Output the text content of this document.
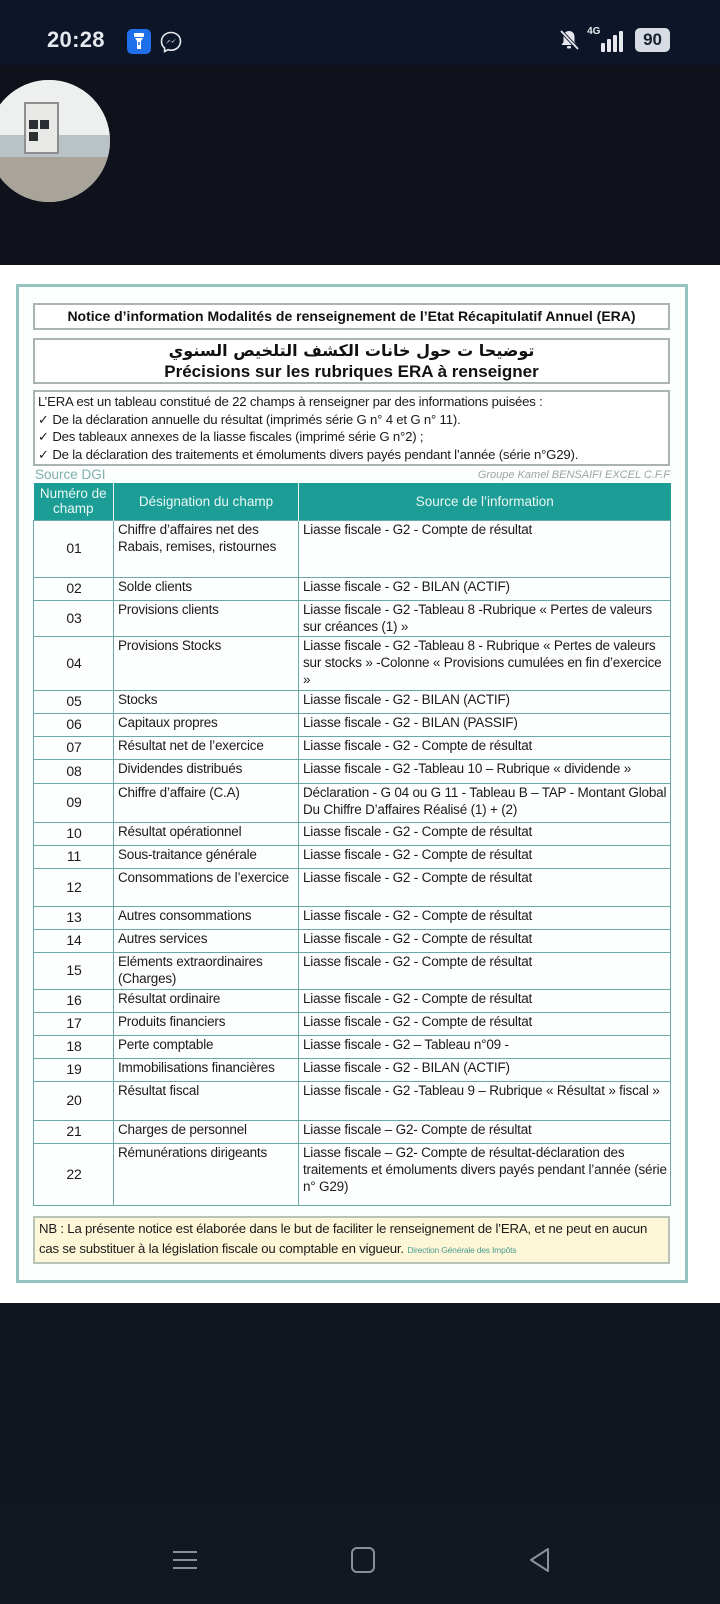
20:28	4G	90
Notice d’information Modalités de renseignement de l’Etat Récapitulatif Annuel (ERA)
توضيحا ت حول خانات الكشف التلخيص السنوي
Précisions sur les rubriques ERA à renseigner
L’ERA est un tableau constitué de 22 champs à renseigner par des informations puisées :
✓ De la déclaration annuelle du résultat (imprimés série G n° 4 et G n° 11).
✓ Des tableaux annexes de la liasse fiscales (imprimé série G n°2) ;
✓ De la déclaration des traitements et émoluments divers payés pendant l’année (série n°G29).
Source DGI	Groupe Kamel BENSAIFI EXCEL C.F.F
Numéro de champ	Désignation du champ	Source de l’information
01	Chiffre d’affaires net des Rabais, remises, ristournes	Liasse fiscale - G2 - Compte de résultat
02	Solde clients	Liasse fiscale - G2 - BILAN (ACTIF)
03	Provisions clients	Liasse fiscale - G2 -Tableau 8 -Rubrique « Pertes de valeurs sur créances (1) »
04	Provisions Stocks	Liasse fiscale - G2 -Tableau 8 - Rubrique « Pertes de valeurs sur stocks » -Colonne « Provisions cumulées en fin d’exercice »
05	Stocks	Liasse fiscale - G2 - BILAN (ACTIF)
06	Capitaux propres	Liasse fiscale - G2 - BILAN (PASSIF)
07	Résultat net de l’exercice	Liasse fiscale - G2 - Compte de résultat
08	Dividendes distribués	Liasse fiscale - G2 -Tableau 10 – Rubrique « dividende »
09	Chiffre d’affaire (C.A)	Déclaration - G 04 ou G 11 - Tableau B – TAP - Montant Global Du Chiffre D’affaires Réalisé (1) + (2)
10	Résultat opérationnel	Liasse fiscale - G2 - Compte de résultat
11	Sous-traitance générale	Liasse fiscale - G2 - Compte de résultat
12	Consommations de l’exercice	Liasse fiscale - G2 - Compte de résultat
13	Autres consommations	Liasse fiscale - G2 - Compte de résultat
14	Autres services	Liasse fiscale - G2 - Compte de résultat
15	Eléments extraordinaires (Charges)	Liasse fiscale - G2 - Compte de résultat
16	Résultat ordinaire	Liasse fiscale - G2 - Compte de résultat
17	Produits financiers	Liasse fiscale - G2 - Compte de résultat
18	Perte comptable	Liasse fiscale - G2 – Tableau n°09 -
19	Immobilisations financières	Liasse fiscale - G2 - BILAN (ACTIF)
20	Résultat fiscal	Liasse fiscale - G2 -Tableau 9 – Rubrique « Résultat » fiscal »
21	Charges de personnel	Liasse fiscale – G2- Compte de résultat
22	Rémunérations dirigeants	Liasse fiscale – G2- Compte de résultat-déclaration des traitements et émoluments divers payés pendant l’année (série n° G29)
NB : La présente notice est élaborée dans le but de faciliter le renseignement de l’ERA, et ne peut en aucun cas se substituer à la législation fiscale ou comptable en vigueur. Direction Générale des Impôts
